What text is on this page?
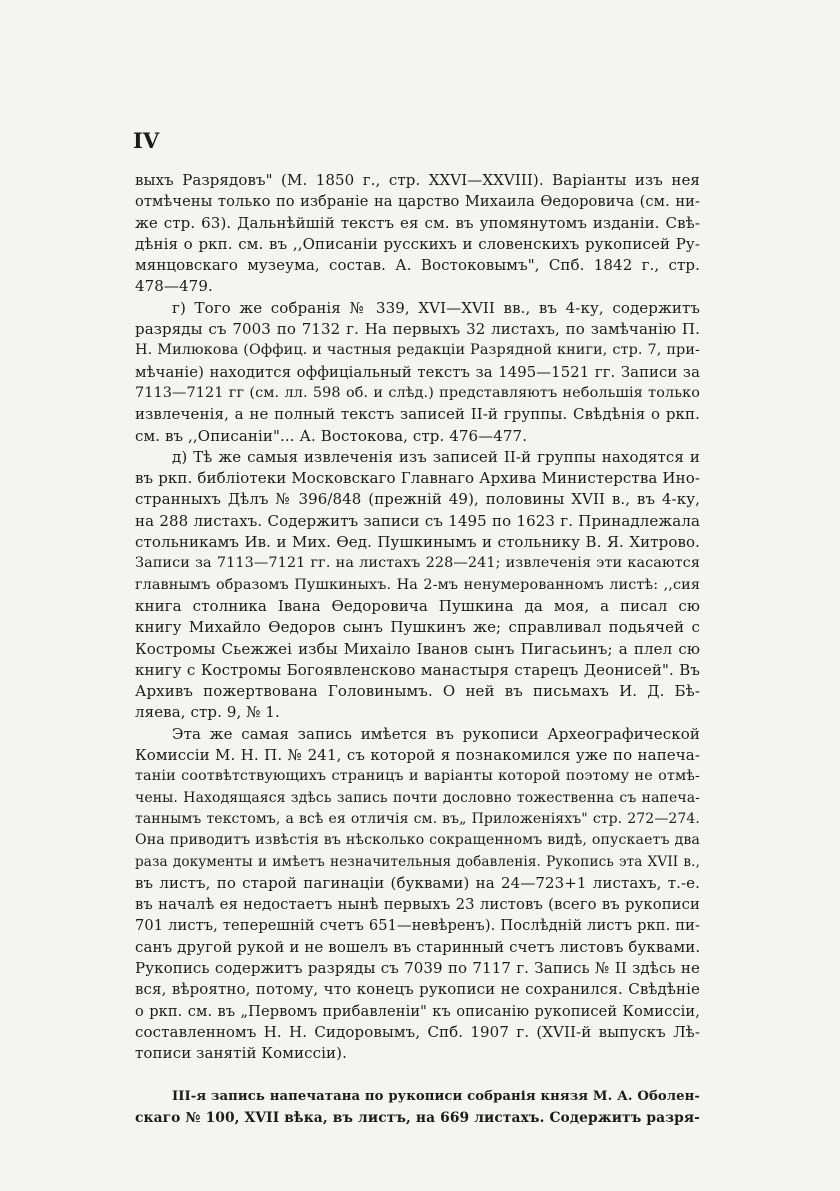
IV
выхъ Разрядовъ" (М. 1850 г., стр. XXVI—XXVIII). Варіанты изъ нея
отмѣчены только по избраніе на царство Михаила Ѳедоровича (см. ни-
же стр. 63). Дальнѣйшій текстъ ея см. въ упомянутомъ изданіи. Свѣ-
дѣнія о ркп. см. въ ,,Описаніи русскихъ и словенскихъ рукописей Ру-
мянцовскаго музеума, состав. А. Востоковымъ", Спб. 1842 г., стр.
478—479.
г) Того же собранія № 339, XVI—XVII вв., въ 4-ку, содержитъ
разряды съ 7003 по 7132 г. На первыхъ 32 листахъ, по замѣчанію П.
Н. Милюкова (Оффиц. и частныя редакціи Разрядной книги, стр. 7, при-
мѣчаніе) находится оффиціальный текстъ за 1495—1521 гг. Записи за
7113—7121 гг (см. лл. 598 об. и слѣд.) представляютъ небольшія только
извлеченія, а не полный текстъ записей II-й группы. Свѣдѣнія о ркп.
см. въ ,,Описаніи"... А. Востокова, стр. 476—477.
д) Тѣ же самыя извлеченія изъ записей II-й группы находятся и
въ ркп. библіотеки Московскаго Главнаго Архива Министерства Ино-
странныхъ Дѣлъ № 396/848 (прежній 49), половины XVII в., въ 4-ку,
на 288 листахъ. Содержитъ записи съ 1495 по 1623 г. Принадлежала
стольникамъ Ив. и Мих. Ѳед. Пушкинымъ и стольнику В. Я. Хитрово.
Записи за 7113—7121 гг. на листахъ 228—241; извлеченія эти касаются
главнымъ образомъ Пушкиныхъ. На 2-мъ ненумерованномъ листѣ: ,,сия
книга столника Івана Ѳедоровича Пушкина да моя, а писал сю
книгу Михайло Ѳедоров сынъ Пушкинъ же; справливал подьячей с
Костромы Сьежжеі избы Михаіло Іванов сынъ Пигасьинъ; а плел сю
книгу с Костромы Богоявленсково манастыря старецъ Деонисей". Въ
Архивъ пожертвована Головинымъ. О ней въ письмахъ И. Д. Бѣ-
ляева, стр. 9, № 1.
Эта же самая запись имѣется въ рукописи Археографической
Комиссіи М. Н. П. № 241, съ которой я познакомился уже по напеча-
таніи соотвѣтствующихъ страницъ и варіанты которой поэтому не отмѣ-
чены. Находящаяся здѣсь запись почти дословно тожественна съ напеча-
таннымъ текстомъ, а всѣ ея отличія см. въ„ Приложеніяхъ" стр. 272—274.
Она приводитъ извѣстія въ нѣсколько сокращенномъ видѣ, опускаетъ два
раза документы и имѣетъ незначительныя добавленія. Рукопись эта XVII в.,
въ листъ, по старой пагинаціи (буквами) на 24—723+1 листахъ, т.-е.
въ началѣ ея недостаетъ нынѣ первыхъ 23 листовъ (всего въ рукописи
701 листъ, теперешній счетъ 651—невѣренъ). Послѣдній листъ ркп. пи-
санъ другой рукой и не вошелъ въ старинный счетъ листовъ буквами.
Рукопись содержитъ разряды съ 7039 по 7117 г. Запись № II здѣсь не
вся, вѣроятно, потому, что конецъ рукописи не сохранился. Свѣдѣніе
о ркп. см. въ „Первомъ прибавленіи" къ описанію рукописей Комиссіи,
составленномъ Н. Н. Сидоровымъ, Спб. 1907 г. (XVII-й выпускъ Лѣ-
тописи занятій Комиссіи).
III-я запись напечатана по рукописи собранія князя М. А. Оболен-
скаго № 100, XVII вѣка, въ листъ, на 669 листахъ. Содержитъ разря-
